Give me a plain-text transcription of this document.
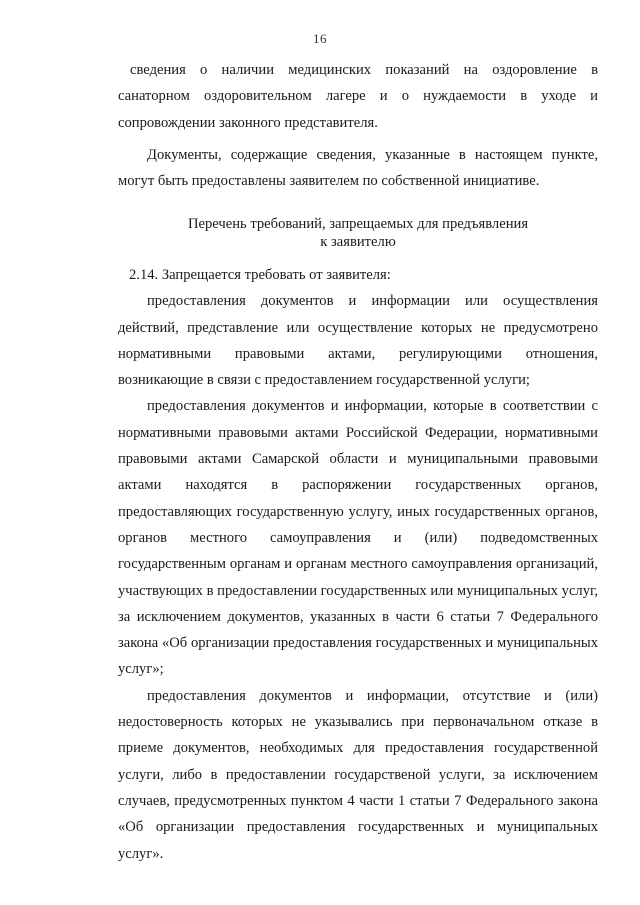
16

сведения о наличии медицинских показаний на оздоровление в санаторном оздоровительном лагере и о нуждаемости в уходе и сопровождении законного представителя.

Документы, содержащие сведения, указанные в настоящем пункте, могут быть предоставлены заявителем по собственной инициативе.

Перечень требований, запрещаемых для предъявления

к заявителю

2.14. Запрещается требовать от заявителя:

предоставления документов и информации или осуществления действий, представление или осуществление которых не предусмотрено нормативными правовыми актами, регулирующими отношения, возникающие в связи с предоставлением государственной услуги;

предоставления документов и информации, которые в соответствии с нормативными правовыми актами Российской Федерации, нормативными правовыми актами Самарской области и муниципальными правовыми актами находятся в распоряжении государственных органов, предоставляющих государственную услугу, иных государственных органов, органов местного самоуправления и (или) подведомственных государственным органам и органам местного самоуправления организаций, участвующих в предоставлении государственных или муниципальных услуг, за исключением документов, указанных в части 6 статьи 7 Федерального закона «Об организации предоставления государственных и муниципальных услуг»;

предоставления документов и информации, отсутствие и (или) недостоверность которых не указывались при первоначальном отказе в приеме документов, необходимых для предоставления государственной услуги, либо в предоставлении государственой услуги, за исключением случаев, предусмотренных пунктом 4 части 1 статьи 7 Федерального закона «Об организации предоставления государственных и муниципальных услуг».
